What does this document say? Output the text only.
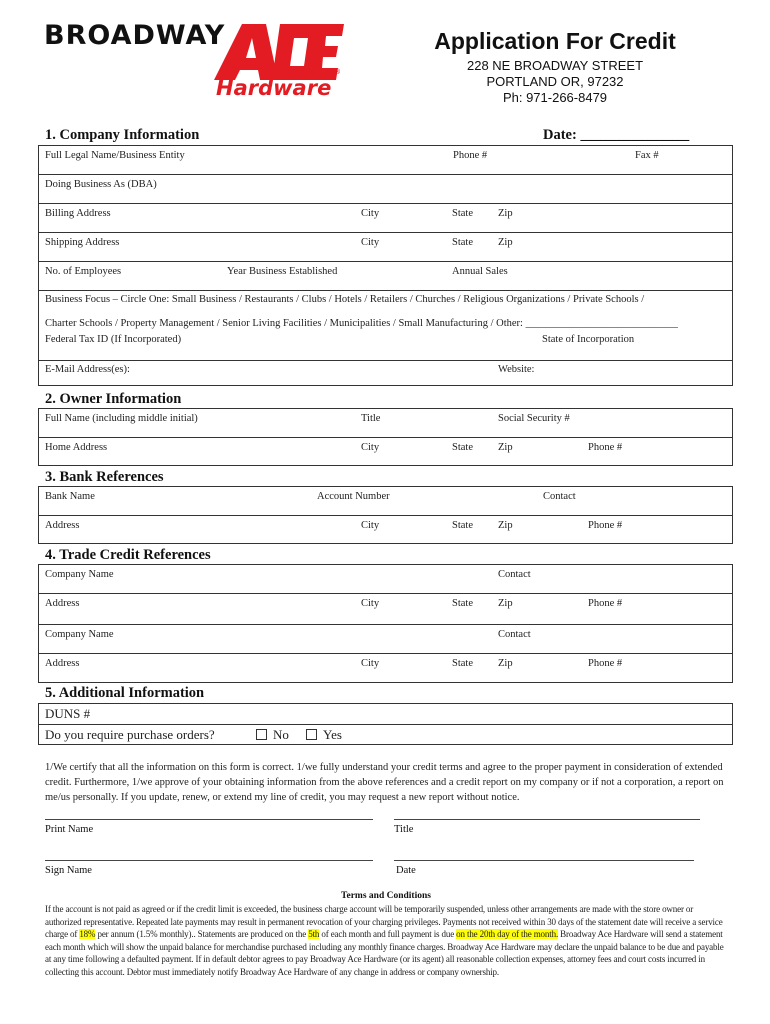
BROADWAY
Hardware
®
Application For Credit
228 NE BROADWAY STREET
PORTLAND OR, 97232
Ph: 971-266-8479
1. Company Information	Date: _______________
Full Legal Name/Business Entity	Phone #	Fax #
Doing Business As (DBA)
Billing Address	City	State Zip
Shipping Address	City	State Zip
No. of Employees	Year Business Established	Annual Sales
Business Focus – Circle One: Small Business / Restaurants / Clubs / Hotels / Retailers / Churches / Religious Organizations / Private Schools /
Charter Schools / Property Management / Senior Living Facilities / Municipalities / Small Manufacturing / Other: _____________________________
Federal Tax ID (If Incorporated)	State of Incorporation
E-Mail Address(es):	Website:
2. Owner Information
Full Name (including middle initial)	Title	Social Security #
Home Address	City	State Zip	Phone #
3. Bank References
Bank Name	Account Number	Contact
Address	City	State Zip	Phone #
4. Trade Credit References
Company Name	Contact
Address	City	State Zip	Phone #
Company Name	Contact
Address	City	State Zip	Phone #
5. Additional Information
DUNS #
Do you require purchase orders?	No	Yes
1/We certify that all the information on this form is correct. 1/we fully understand your credit terms and agree to the proper payment in consideration of extended credit. Furthermore, 1/we approve of your obtaining information from the above references and a credit report on my company or if not a corporation, a report on me/us personally. If you update, renew, or extend my line of credit, you may request a new report without notice.
Print Name	Title
Sign Name	Date
Terms and Conditions
If the account is not paid as agreed or if the credit limit is exceeded, the business charge account will be temporarily suspended, unless other arrangements are made with the store owner or authorized representative. Repeated late payments may result in permanent revocation of your charging privileges. Payments not received within 30 days of the statement date will receive a service charge of 18% per annum (1.5% monthly).. Statements are produced on the 5th of each month and full payment is due on the 20th day of the month. Broadway Ace Hardware will send a statement each month which will show the unpaid balance for merchandise purchased including any monthly finance charges. Broadway Ace Hardware may declare the unpaid balance to be due and payable at any time following a defaulted payment. If in default debtor agrees to pay Broadway Ace Hardware (or its agent) all reasonable collection expenses, attorney fees and court costs incurred in collecting this account. Debtor must immediately notify Broadway Ace Hardware of any change in address or company ownership.
